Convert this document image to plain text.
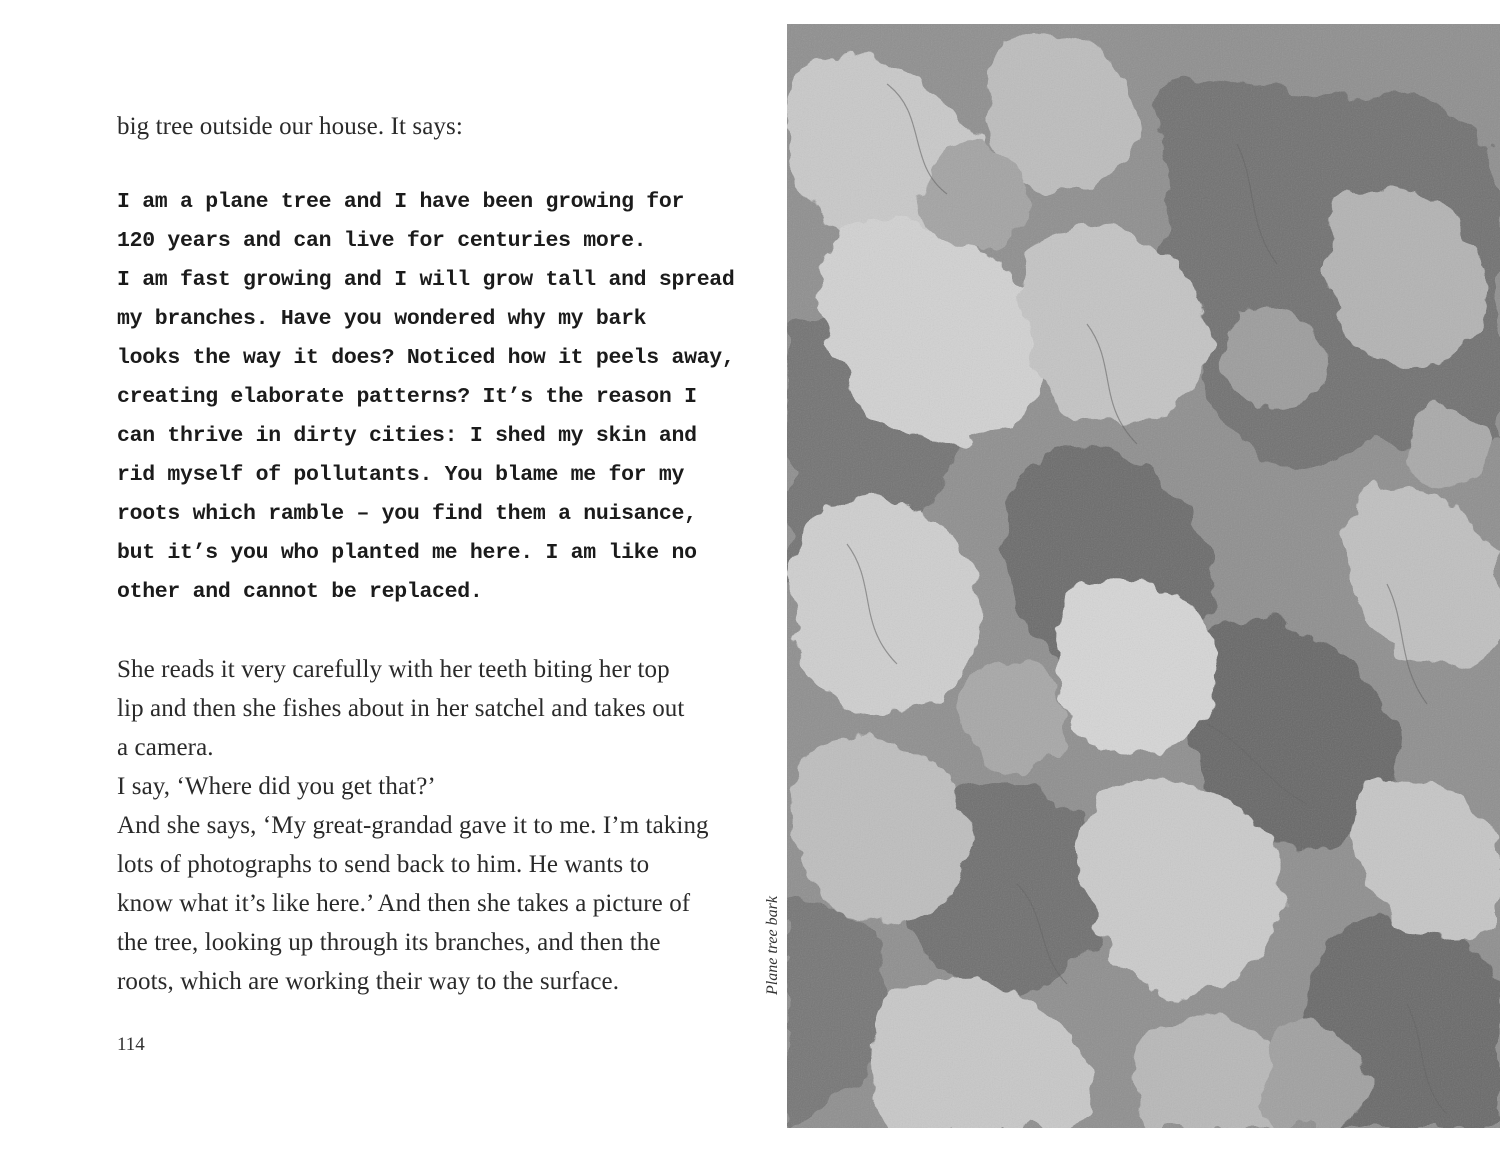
big tree outside our house. It says:
I am a plane tree and I have been growing for
120 years and can live for centuries more.
I am fast growing and I will grow tall and spread
my branches. Have you wondered why my bark
looks the way it does? Noticed how it peels away,
creating elaborate patterns? It’s the reason I
can thrive in dirty cities: I shed my skin and
rid myself of pollutants. You blame me for my
roots which ramble – you find them a nuisance,
but it’s you who planted me here. I am like no
other and cannot be replaced.
She reads it very carefully with her teeth biting her top
lip and then she fishes about in her satchel and takes out
a camera.
I say, ‘Where did you get that?’
And she says, ‘My great-grandad gave it to me. I’m taking
lots of photographs to send back to him. He wants to
know what it’s like here.’ And then she takes a picture of
the tree, looking up through its branches, and then the
roots, which are working their way to the surface.
114
Plane tree bark
